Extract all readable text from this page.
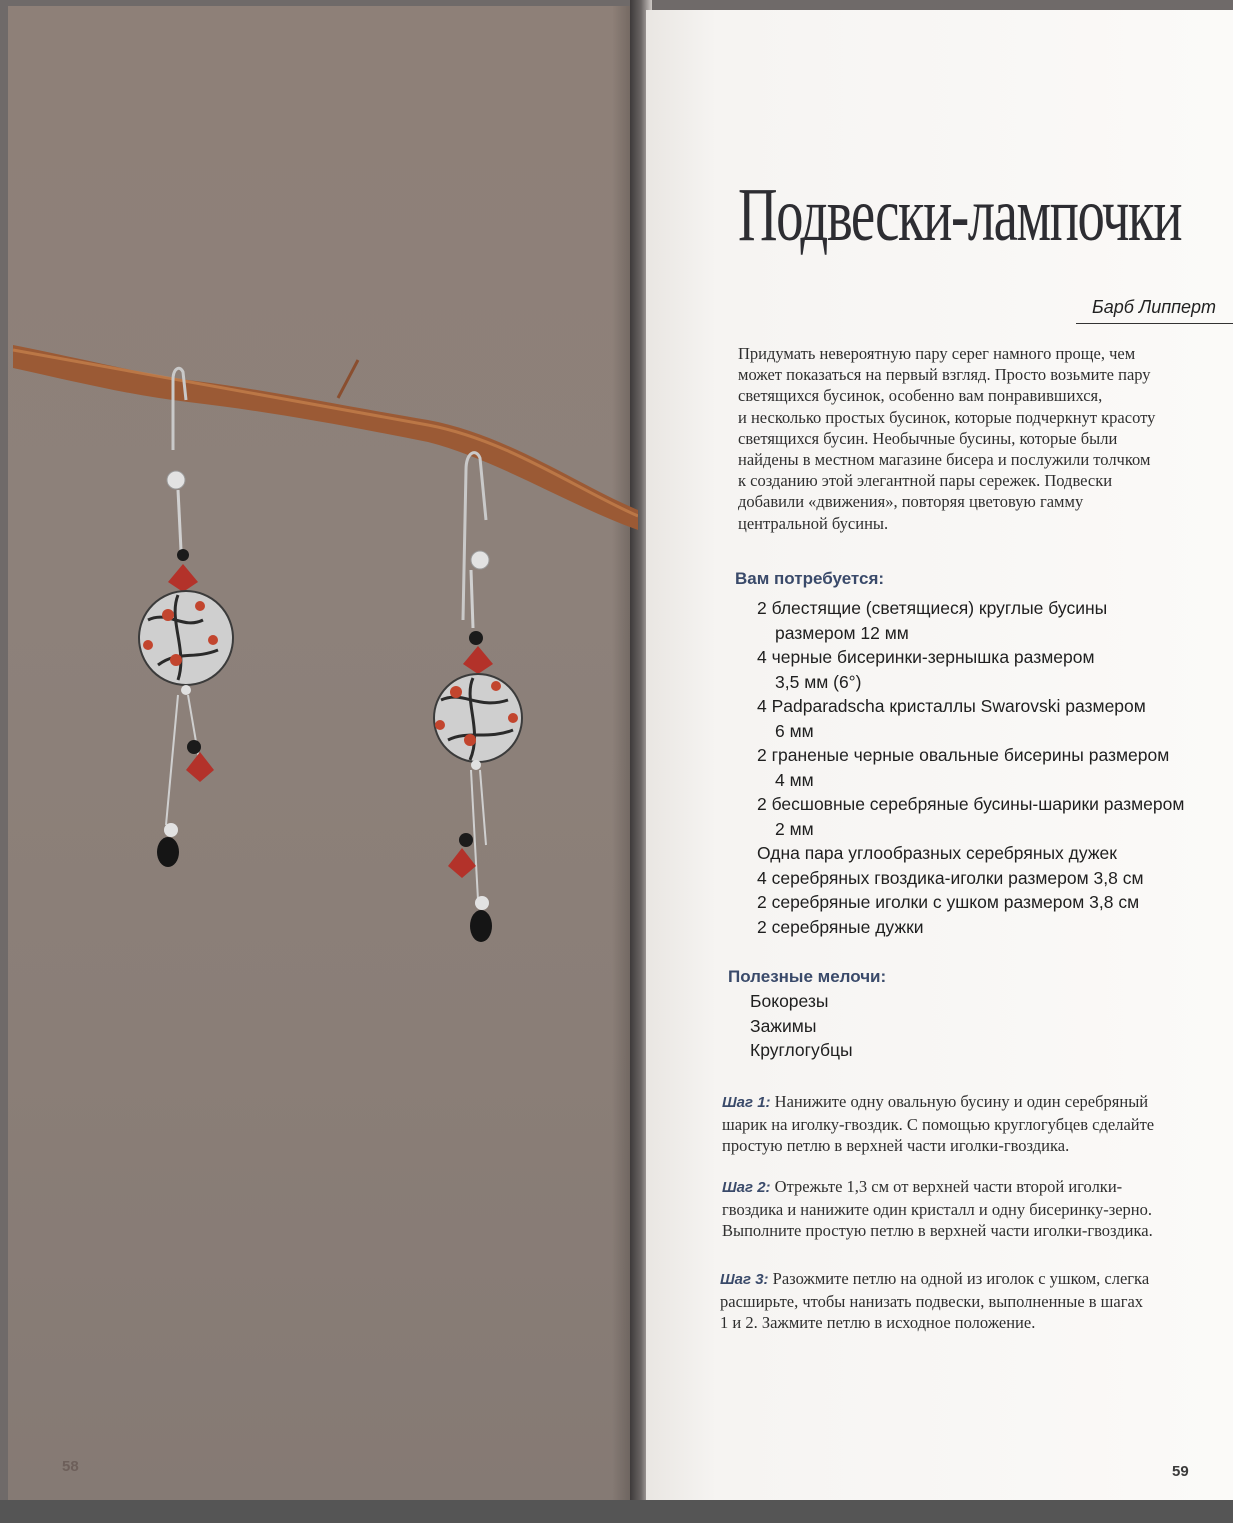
58	59
Подвески-лампочки
Барб Липперт
Придумать невероятную пару серег намного проще, чем
может показаться на первый взгляд. Просто возьмите пару
светящихся бусинок, особенно вам понравившихся,
и несколько простых бусинок, которые подчеркнут красоту
светящихся бусин. Необычные бусины, которые были
найдены в местном магазине бисера и послужили толчком
к созданию этой элегантной пары сережек. Подвески
добавили «движения», повторяя цветовую гамму
центральной бусины.
Вам потребуется:
2 блестящие (светящиеся) круглые бусины
размером 12 мм
4 черные бисеринки-зернышка размером
3,5 мм (6°)
4 Padparadscha кристаллы Swarovski размером
6 мм
2 граненые черные овальные бисерины размером
4 мм
2 бесшовные серебряные бусины-шарики размером
2 мм
Одна пара углообразных серебряных дужек
4 серебряных гвоздика-иголки размером 3,8 см
2 серебряные иголки с ушком размером 3,8 см
2 серебряные дужки
Полезные мелочи:
Бокорезы
Зажимы
Круглогубцы
Шаг 1: Нанижите одну овальную бусину и один серебряный
шарик на иголку-гвоздик. С помощью круглогубцев сделайте
простую петлю в верхней части иголки-гвоздика.
Шаг 2: Отрежьте 1,3 см от верхней части второй иголки-
гвоздика и нанижите один кристалл и одну бисеринку-зерно.
Выполните простую петлю в верхней части иголки-гвоздика.
Шаг 3: Разожмите петлю на одной из иголок с ушком, слегка
расширьте, чтобы нанизать подвески, выполненные в шагах
1 и 2. Зажмите петлю в исходное положение.
